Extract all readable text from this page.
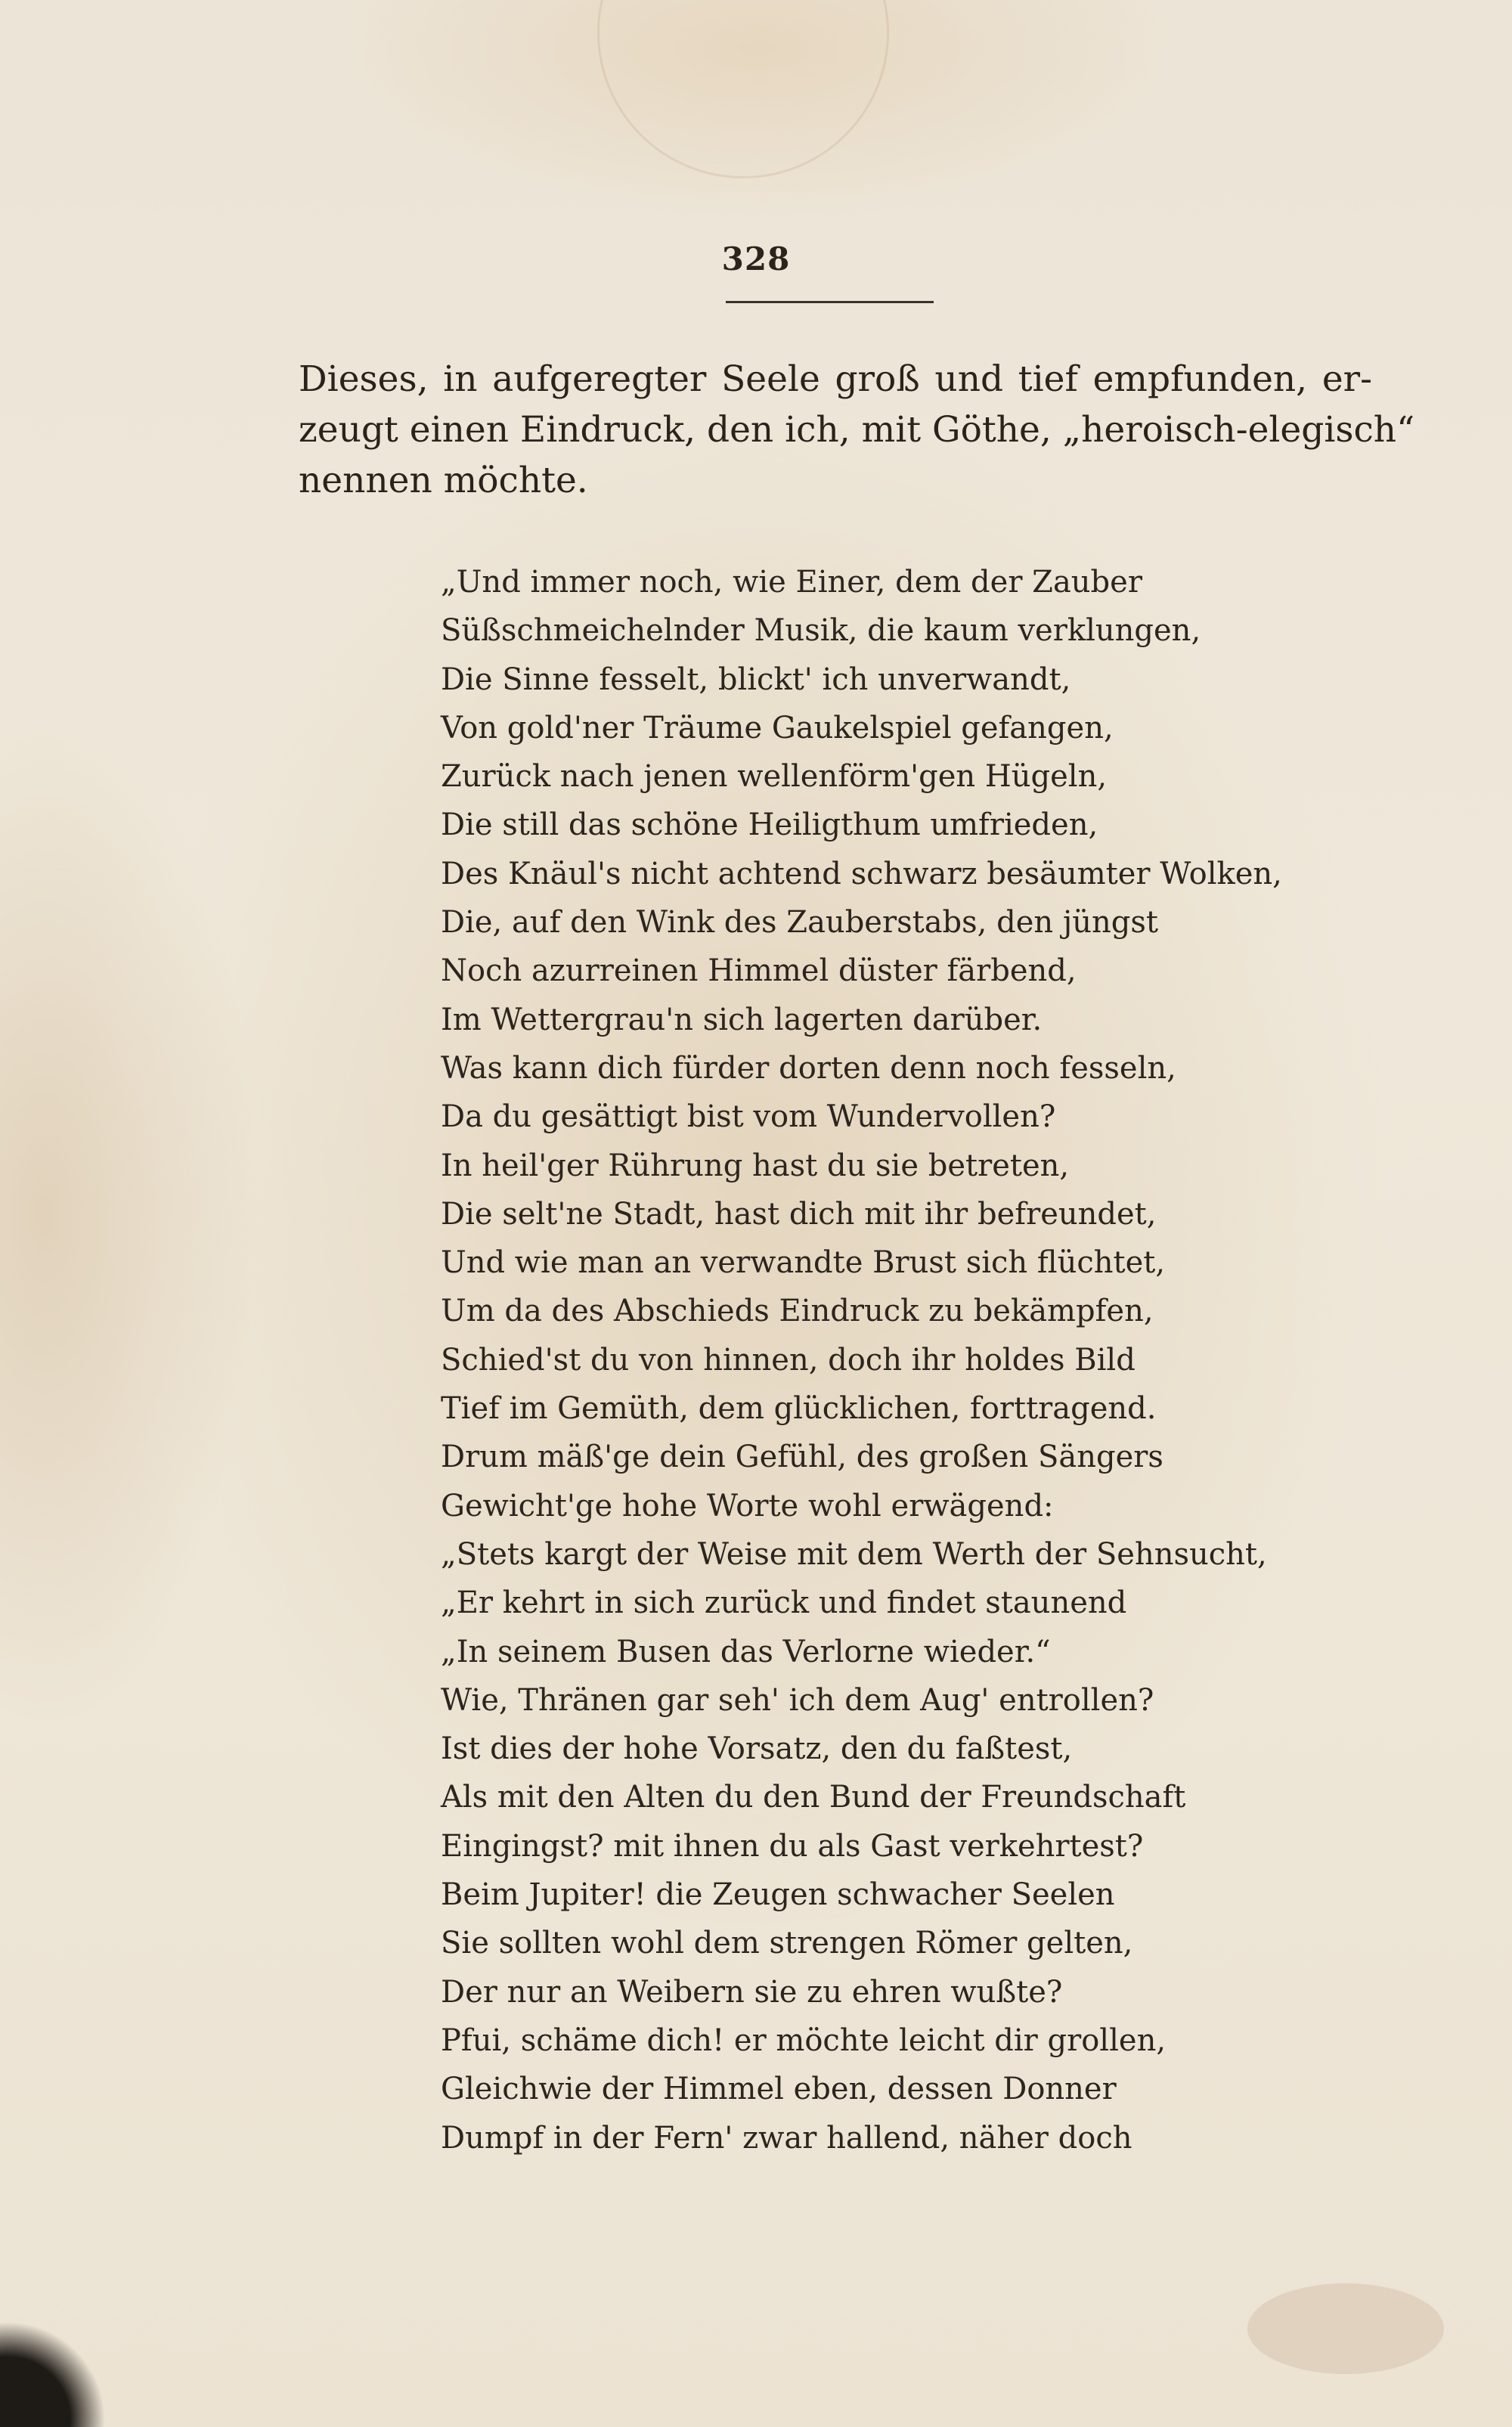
328
Dieses, in aufgeregter Seele groß und tief empfunden, er-
zeugt einen Eindruck, den ich, mit Göthe, „heroisch-elegisch“
nennen möchte.
„Und immer noch, wie Einer, dem der Zauber
Süßschmeichelnder Musik, die kaum verklungen,
Die Sinne fesselt, blickt' ich unverwandt,
Von gold'ner Träume Gaukelspiel gefangen,
Zurück nach jenen wellenförm'gen Hügeln,
Die still das schöne Heiligthum umfrieden,
Des Knäul's nicht achtend schwarz besäumter Wolken,
Die, auf den Wink des Zauberstabs, den jüngst
Noch azurreinen Himmel düster färbend,
Im Wettergrau'n sich lagerten darüber.
Was kann dich fürder dorten denn noch fesseln,
Da du gesättigt bist vom Wundervollen?
In heil'ger Rührung hast du sie betreten,
Die selt'ne Stadt, hast dich mit ihr befreundet,
Und wie man an verwandte Brust sich flüchtet,
Um da des Abschieds Eindruck zu bekämpfen,
Schied'st du von hinnen, doch ihr holdes Bild
Tief im Gemüth, dem glücklichen, forttragend.
Drum mäß'ge dein Gefühl, des großen Sängers
Gewicht'ge hohe Worte wohl erwägend:
„Stets kargt der Weise mit dem Werth der Sehnsucht,
„Er kehrt in sich zurück und findet staunend
„In seinem Busen das Verlorne wieder.“
Wie, Thränen gar seh' ich dem Aug' entrollen?
Ist dies der hohe Vorsatz, den du faßtest,
Als mit den Alten du den Bund der Freundschaft
Eingingst? mit ihnen du als Gast verkehrtest?
Beim Jupiter! die Zeugen schwacher Seelen
Sie sollten wohl dem strengen Römer gelten,
Der nur an Weibern sie zu ehren wußte?
Pfui, schäme dich! er möchte leicht dir grollen,
Gleichwie der Himmel eben, dessen Donner
Dumpf in der Fern' zwar hallend, näher doch
